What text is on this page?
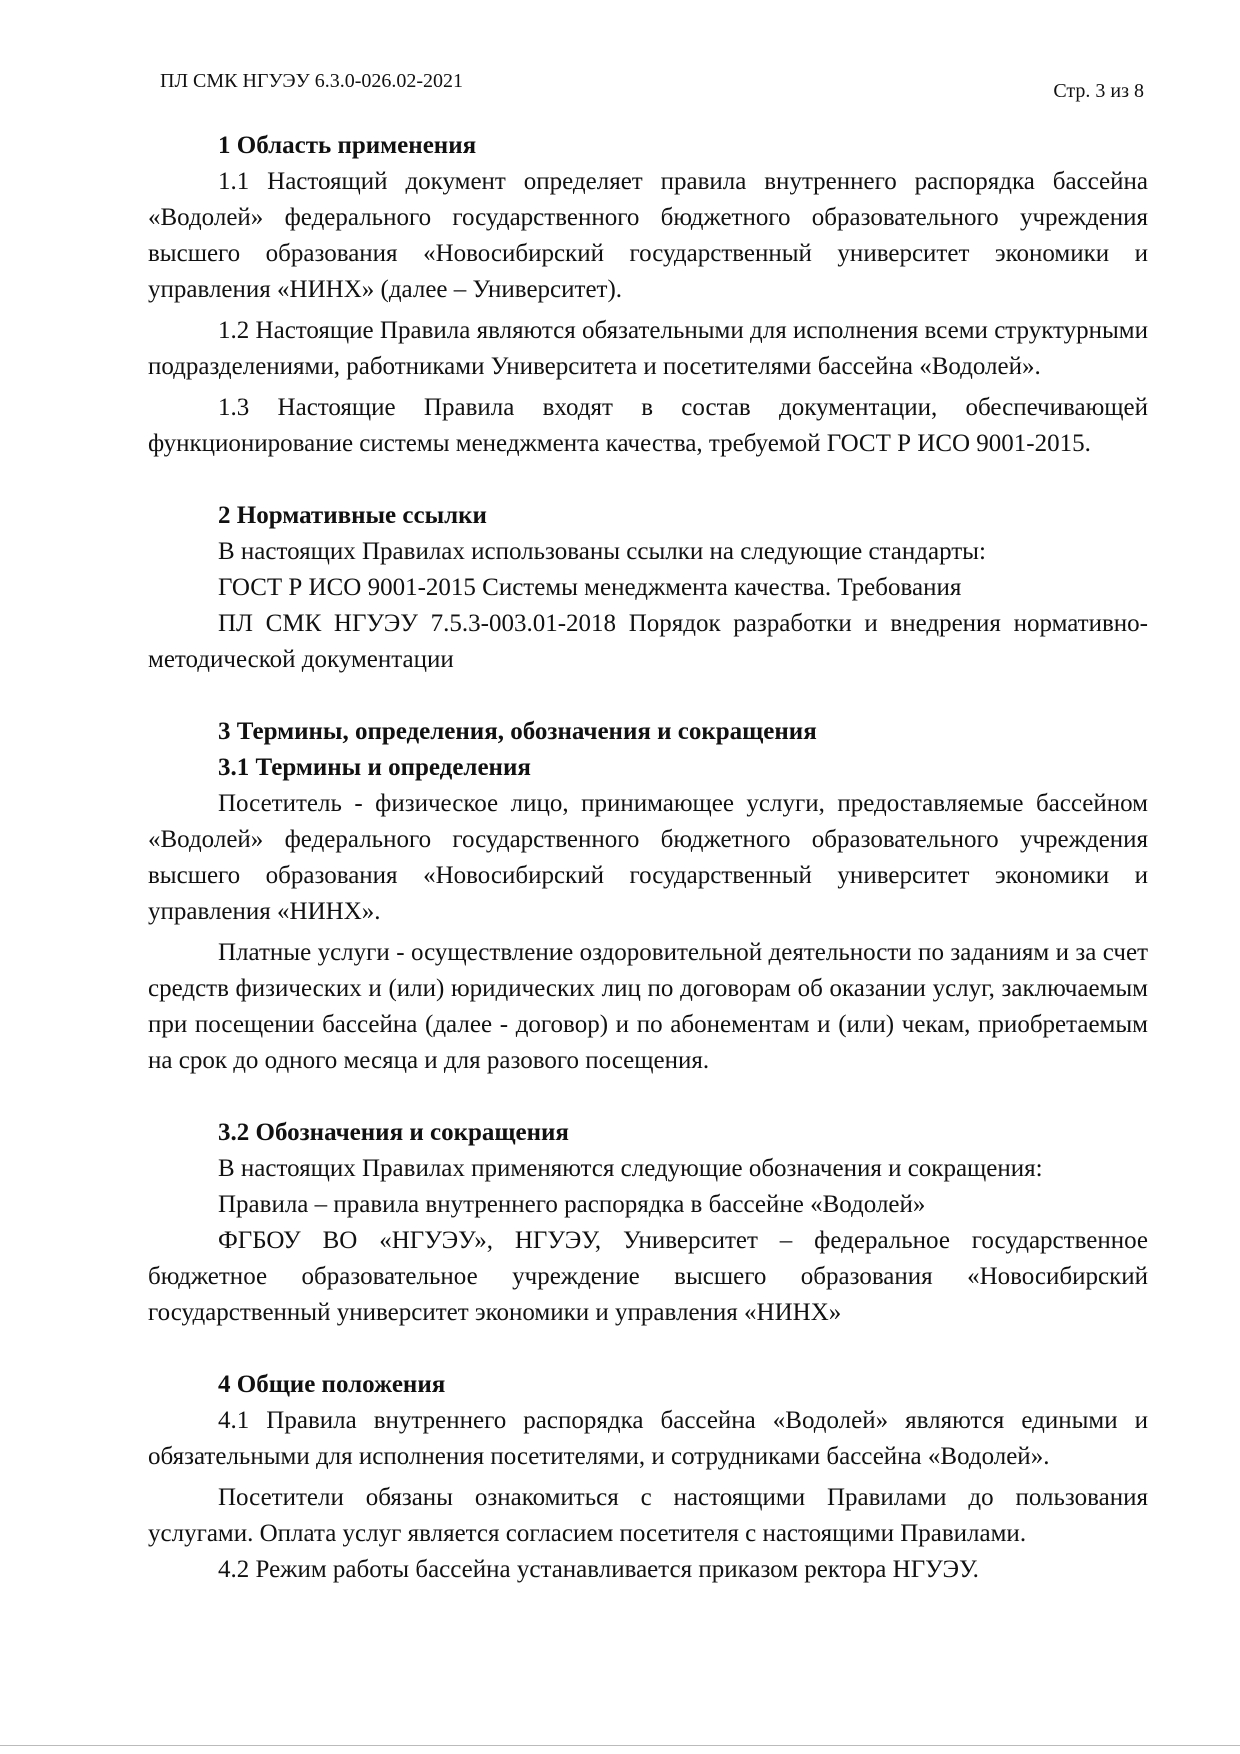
ПЛ СМК НГУЭУ 6.3.0-026.02-2021	Стр. 3 из 8

1 Область применения

1.1 Настоящий документ определяет правила внутреннего распорядка бассейна «Водолей» федерального государственного бюджетного образовательного учреждения высшего образования «Новосибирский государственный университет экономики и управления «НИНХ» (далее – Университет).

1.2 Настоящие Правила являются обязательными для исполнения всеми структурными подразделениями, работниками Университета и посетителями бассейна «Водолей».

1.3 Настоящие Правила входят в состав документации, обеспечивающей функционирование системы менеджмента качества, требуемой ГОСТ Р ИСО 9001-2015.

2 Нормативные ссылки

В настоящих Правилах использованы ссылки на следующие стандарты:

ГОСТ Р ИСО 9001-2015 Системы менеджмента качества. Требования

ПЛ СМК НГУЭУ 7.5.3-003.01-2018 Порядок разработки и внедрения нормативно-методической документации

3 Термины, определения, обозначения и сокращения

3.1 Термины и определения

Посетитель - физическое лицо, принимающее услуги, предоставляемые бассейном «Водолей» федерального государственного бюджетного образовательного учреждения высшего образования «Новосибирский государственный университет экономики и управления «НИНХ».

Платные услуги - осуществление оздоровительной деятельности по заданиям и за счет средств физических и (или) юридических лиц по договорам об оказании услуг, заключаемым при посещении бассейна (далее - договор) и по абонементам и (или) чекам, приобретаемым на срок до одного месяца и для разового посещения.

3.2 Обозначения и сокращения

В настоящих Правилах применяются следующие обозначения и сокращения:

Правила – правила внутреннего распорядка в бассейне «Водолей»

ФГБОУ ВО «НГУЭУ», НГУЭУ, Университет – федеральное государственное бюджетное образовательное учреждение высшего образования «Новосибирский государственный университет экономики и управления «НИНХ»

4 Общие положения

4.1 Правила внутреннего распорядка бассейна «Водолей» являются едиными и обязательными для исполнения посетителями, и сотрудниками бассейна «Водолей».

Посетители обязаны ознакомиться с настоящими Правилами до пользования услугами. Оплата услуг является согласием посетителя с настоящими Правилами.

4.2 Режим работы бассейна устанавливается приказом ректора НГУЭУ.
